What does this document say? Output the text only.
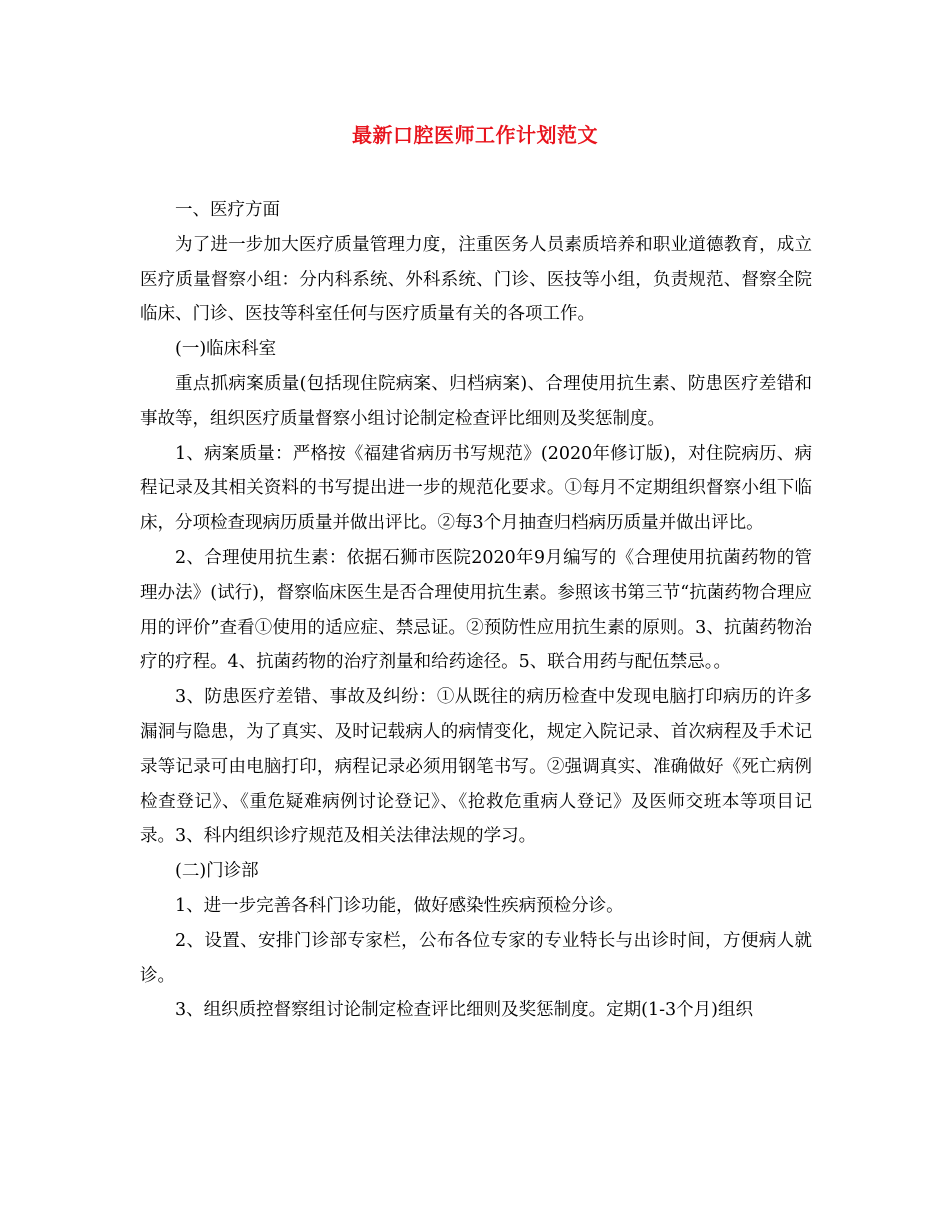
最新口腔医师工作计划范文

一、医疗方面

为了进一步加大医疗质量管理力度，注重医务人员素质培养和职业道德教育，成立医疗质量督察小组：分内科系统、外科系统、门诊、医技等小组，负责规范、督察全院临床、门诊、医技等科室任何与医疗质量有关的各项工作。

(一)临床科室

重点抓病案质量(包括现住院病案、归档病案)、合理使用抗生素、防患医疗差错和事故等，组织医疗质量督察小组讨论制定检查评比细则及奖惩制度。

1、病案质量：严格按《福建省病历书写规范》(2020年修订版)，对住院病历、病程记录及其相关资料的书写提出进一步的规范化要求。①每月不定期组织督察小组下临床，分项检查现病历质量并做出评比。②每3个月抽查归档病历质量并做出评比。

2、合理使用抗生素：依据石狮市医院2020年9月编写的《合理使用抗菌药物的管理办法》(试行)，督察临床医生是否合理使用抗生素。参照该书第三节“抗菌药物合理应用的评价”查看①使用的适应症、禁忌证。②预防性应用抗生素的原则。3、抗菌药物治疗的疗程。4、抗菌药物的治疗剂量和给药途径。5、联合用药与配伍禁忌。。

3、防患医疗差错、事故及纠纷：①从既往的病历检查中发现电脑打印病历的许多漏洞与隐患，为了真实、及时记载病人的病情变化，规定入院记录、首次病程及手术记录等记录可由电脑打印，病程记录必须用钢笔书写。②强调真实、准确做好《死亡病例检查登记》、《重危疑难病例讨论登记》、《抢救危重病人登记》及医师交班本等项目记录。3、科内组织诊疗规范及相关法律法规的学习。

(二)门诊部

1、进一步完善各科门诊功能，做好感染性疾病预检分诊。

2、设置、安排门诊部专家栏，公布各位专家的专业特长与出诊时间，方便病人就诊。

3、组织质控督察组讨论制定检查评比细则及奖惩制度。定期(1-3个月)组织
